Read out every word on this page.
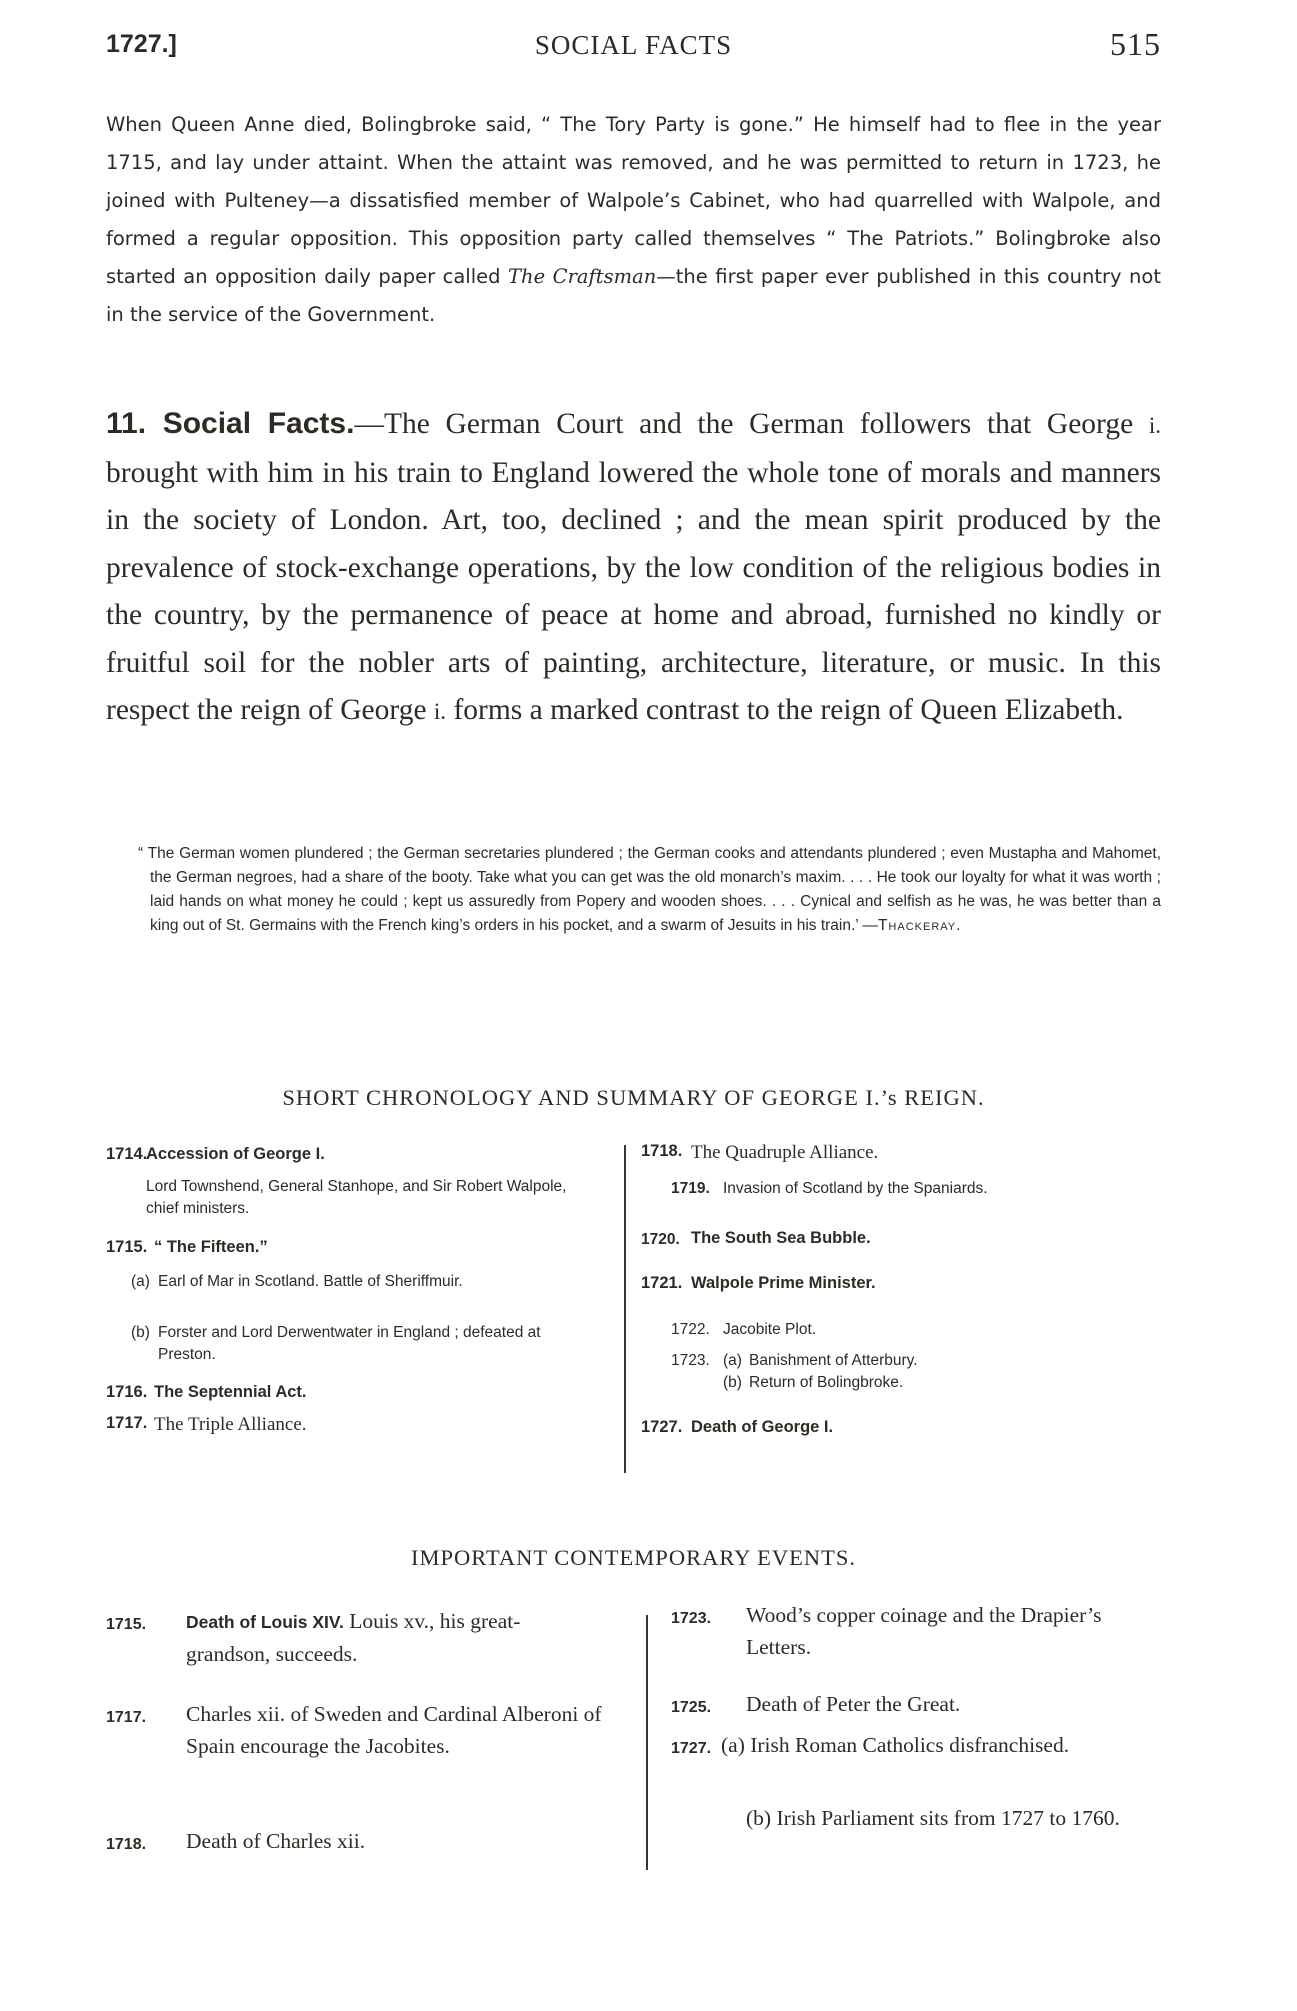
1727.]	SOCIAL FACTS	515
When Queen Anne died, Bolingbroke said, “ The Tory Party is gone.” He himself had to flee in the year 1715, and lay under attaint. When the attaint was removed, and he was permitted to return in 1723, he joined with Pulteney—a dissatisfied member of Walpole’s Cabinet, who had quarrelled with Walpole, and formed a regular opposition. This opposition party called themselves “ The Patriots.” Bolingbroke also started an opposition daily paper called The Craftsman—the first paper ever published in this country not in the service of the Government.
11. Social Facts.—The German Court and the German followers that George i. brought with him in his train to England lowered the whole tone of morals and manners in the society of London. Art, too, declined ; and the mean spirit produced by the prevalence of stock-exchange operations, by the low condition of the religious bodies in the country, by the permanence of peace at home and abroad, furnished no kindly or fruitful soil for the nobler arts of painting, architecture, literature, or music. In this respect the reign of George i. forms a marked contrast to the reign of Queen Elizabeth.
“ The German women plundered ; the German secretaries plundered ; the German cooks and attendants plundered ; even Mustapha and Mahomet, the German negroes, had a share of the booty. Take what you can get was the old monarch’s maxim. . . . He took our loyalty for what it was worth ; laid hands on what money he could ; kept us assuredly from Popery and wooden shoes. . . . Cynical and selfish as he was, he was better than a king out of St. Germains with the French king’s orders in his pocket, and a swarm of Jesuits in his train.’ —Thackeray.
SHORT CHRONOLOGY AND SUMMARY OF GEORGE I.’s REIGN.
1714.
Accession of George I.
Lord Townshend, General Stanhope, and Sir Robert Walpole, chief ministers.
1715. “ The Fifteen.”
(a) Earl of Mar in Scotland. Battle of Sheriffmuir.
(b) Forster and Lord Derwentwater in England ; defeated at Preston.
1716. The Septennial Act.
1717. The Triple Alliance.
1718. The Quadruple Alliance.
1719. Invasion of Scotland by the Spaniards.
1720. The South Sea Bubble.
1721. Walpole Prime Minister.
1722. Jacobite Plot.
1723. (a) Banishment of Atterbury.
(b) Return of Bolingbroke.
1727. Death of George I.
IMPORTANT CONTEMPORARY EVENTS.
1715. Death of Louis XIV. Louis xv., his great-grandson, succeeds.
1717. Charles xii. of Sweden and Cardinal Alberoni of Spain encourage the Jacobites.
1718. Death of Charles xii.
1723. Wood’s copper coinage and the Drapier’s Letters.
1725. Death of Peter the Great.
1727. (a) Irish Roman Catholics disfranchised.
(b) Irish Parliament sits from 1727 to 1760.
